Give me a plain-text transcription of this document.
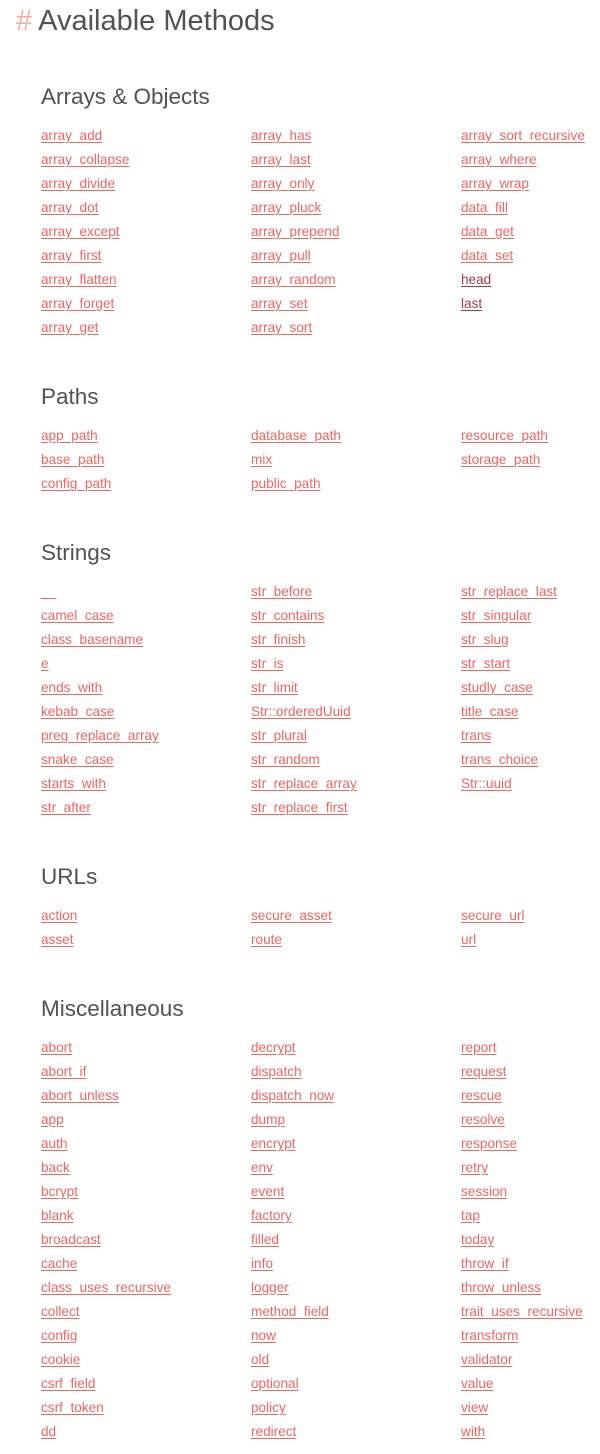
# Available Methods
Arrays & Objects
array_add
array_collapse
array_divide
array_dot
array_except
array_first
array_flatten
array_forget
array_get
array_has
array_last
array_only
array_pluck
array_prepend
array_pull
array_random
array_set
array_sort
array_sort_recursive
array_where
array_wrap
data_fill
data_get
data_set
head
last
Paths
app_path
base_path
config_path
database_path
mix
public_path
resource_path
storage_path
Strings
__
camel_case
class_basename
e
ends_with
kebab_case
preg_replace_array
snake_case
starts_with
str_after
str_before
str_contains
str_finish
str_is
str_limit
Str::orderedUuid
str_plural
str_random
str_replace_array
str_replace_first
str_replace_last
str_singular
str_slug
str_start
studly_case
title_case
trans
trans_choice
Str::uuid
URLs
action
asset
secure_asset
route
secure_url
url
Miscellaneous
abort
abort_if
abort_unless
app
auth
back
bcrypt
blank
broadcast
cache
class_uses_recursive
collect
config
cookie
csrf_field
csrf_token
dd
decrypt
dispatch
dispatch_now
dump
encrypt
env
event
factory
filled
info
logger
method_field
now
old
optional
policy
redirect
report
request
rescue
resolve
response
retry
session
tap
today
throw_if
throw_unless
trait_uses_recursive
transform
validator
value
view
with
